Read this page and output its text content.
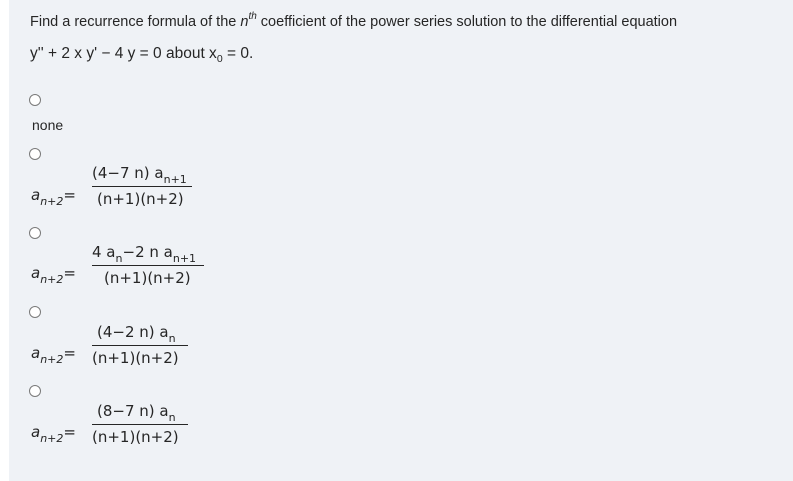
Find a recurrence formula of the $n^{th}$ coefficient of the power series solution to the differential equation
y'' + 2 x y' − 4 y = 0 about $x_0 = 0$.
none
$a_{n+2}=$
(4−7 n) $a_{n+1}$
(n+1)(n+2)
$a_{n+2}=$
4 $a_n-2$ n $a_{n+1}$
(n+1)(n+2)
$a_{n+2}=$
(4−2 n) $a_n$
(n+1)(n+2)
$a_{n+2}=$
(8−7 n) $a_n$
(n+1)(n+2)
